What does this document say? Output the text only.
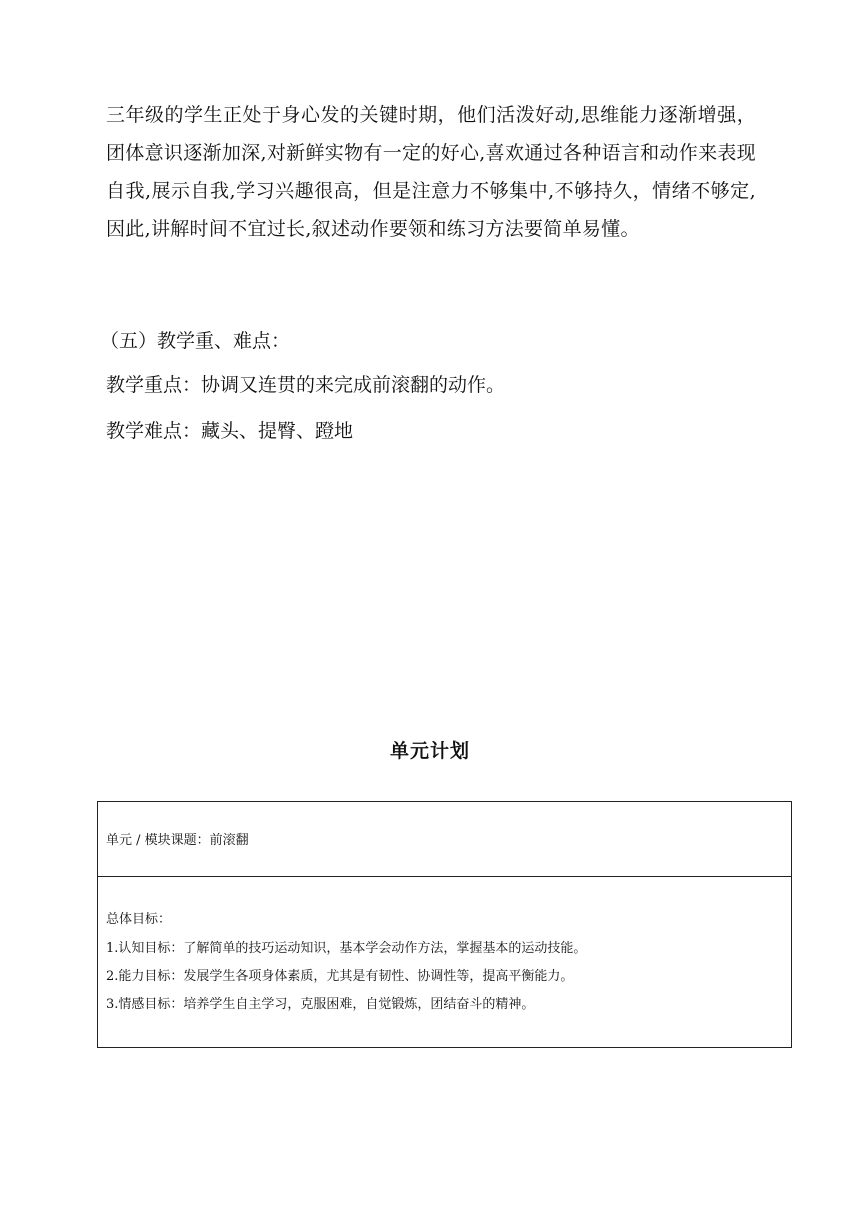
三年级的学生正处于身心发的关键时期，他们活泼好动,思维能力逐渐增强，团体意识逐渐加深,对新鲜实物有一定的好心,喜欢通过各种语言和动作来表现自我,展示自我,学习兴趣很高，但是注意力不够集中,不够持久，情绪不够定,因此,讲解时间不宜过长,叙述动作要领和练习方法要简单易懂。

（五）教学重、难点：

教学重点：协调又连贯的来完成前滚翻的动作。

教学难点：藏头、提臀、蹬地

单元计划

单元 / 模块课题：前滚翻

总体目标：

1.认知目标：了解简单的技巧运动知识，基本学会动作方法，掌握基本的运动技能。

2.能力目标：发展学生各项身体素质，尤其是有韧性、协调性等，提高平衡能力。

3.情感目标：培养学生自主学习，克服困难，自觉锻炼，团结奋斗的精神。
